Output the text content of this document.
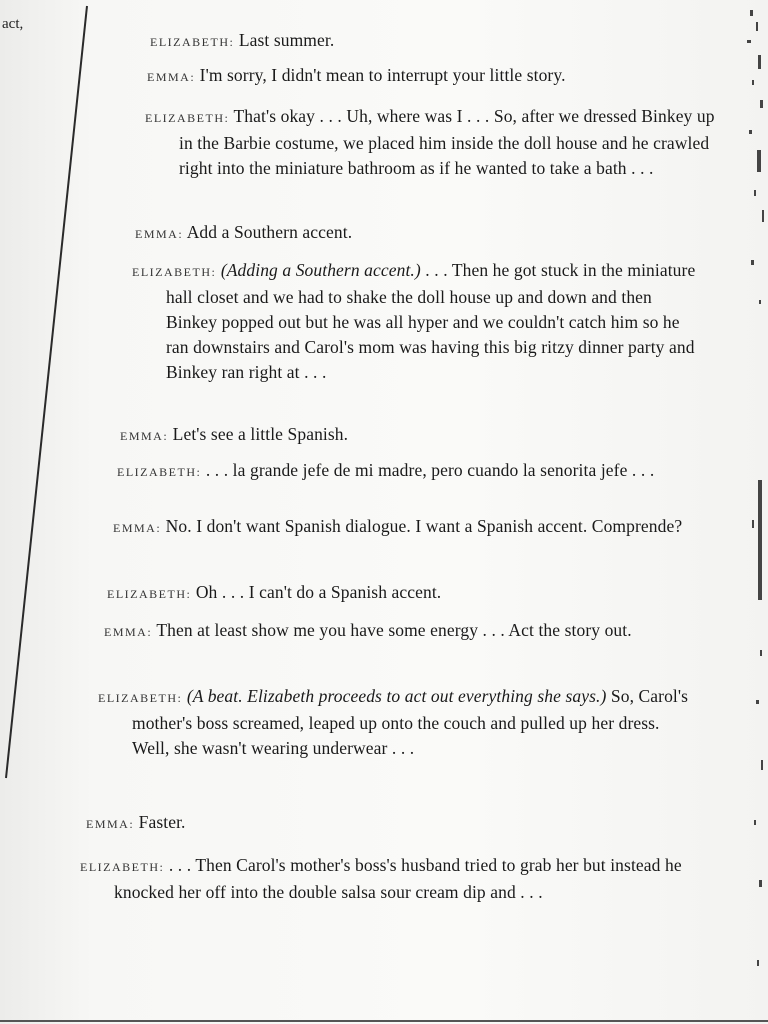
act,

ELIZABETH: Last summer.

EMMA: I'm sorry, I didn't mean to interrupt your little story.

ELIZABETH: That's okay . . . Uh, where was I . . . So, after we dressed Binkey up in the Barbie costume, we placed him inside the doll house and he crawled right into the miniature bathroom as if he wanted to take a bath . . .

EMMA: Add a Southern accent.

ELIZABETH: (Adding a Southern accent.) . . . Then he got stuck in the miniature hall closet and we had to shake the doll house up and down and then Binkey popped out but he was all hyper and we couldn't catch him so he ran downstairs and Carol's mom was having this big ritzy dinner party and Binkey ran right at . . .

EMMA: Let's see a little Spanish.

ELIZABETH: . . . la grande jefe de mi madre, pero cuando la senorita jefe . . .

EMMA: No. I don't want Spanish dialogue. I want a Spanish accent. Comprende?

ELIZABETH: Oh . . . I can't do a Spanish accent.

EMMA: Then at least show me you have some energy . . . Act the story out.

ELIZABETH: (A beat. Elizabeth proceeds to act out everything she says.) So, Carol's mother's boss screamed, leaped up onto the couch and pulled up her dress. Well, she wasn't wearing underwear . . .

EMMA: Faster.

ELIZABETH: . . . Then Carol's mother's boss's husband tried to grab her but instead he knocked her off into the double salsa sour cream dip and . . .
